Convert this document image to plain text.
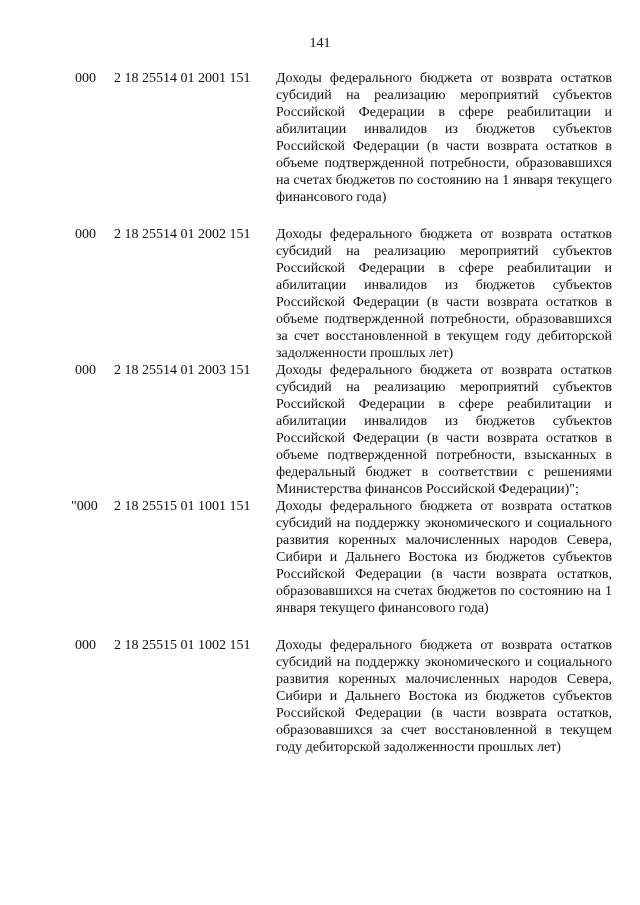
141
000	2 18 25514 01 2001 151	Доходы федерального бюджета от возврата остатков субсидий на реализацию мероприятий субъектов Российской Федерации в сфере реабилитации и абилитации инвалидов из бюджетов субъектов Российской Федерации (в части возврата остатков в объеме подтвержденной потребности, образовавшихся на счетах бюджетов по состоянию на 1 января текущего финансового года)
000	2 18 25514 01 2002 151	Доходы федерального бюджета от возврата остатков субсидий на реализацию мероприятий субъектов Российской Федерации в сфере реабилитации и абилитации инвалидов из бюджетов субъектов Российской Федерации (в части возврата остатков в объеме подтвержденной потребности, образовавшихся за счет восстановленной в текущем году дебиторской задолженности прошлых лет)
000	2 18 25514 01 2003 151	Доходы федерального бюджета от возврата остатков субсидий на реализацию мероприятий субъектов Российской Федерации в сфере реабилитации и абилитации инвалидов из бюджетов субъектов Российской Федерации (в части возврата остатков в объеме подтвержденной потребности, взысканных в федеральный бюджет в соответствии с решениями Министерства финансов Российской Федерации)";
"000	2 18 25515 01 1001 151	Доходы федерального бюджета от возврата остатков субсидий на поддержку экономического и социального развития коренных малочисленных народов Севера, Сибири и Дальнего Востока из бюджетов субъектов Российской Федерации (в части возврата остатков, образовавшихся на счетах бюджетов по состоянию на 1 января текущего финансового года)
000	2 18 25515 01 1002 151	Доходы федерального бюджета от возврата остатков субсидий на поддержку экономического и социального развития коренных малочисленных народов Севера, Сибири и Дальнего Востока из бюджетов субъектов Российской Федерации (в части возврата остатков, образовавшихся за счет восстановленной в текущем году дебиторской задолженности прошлых лет)
